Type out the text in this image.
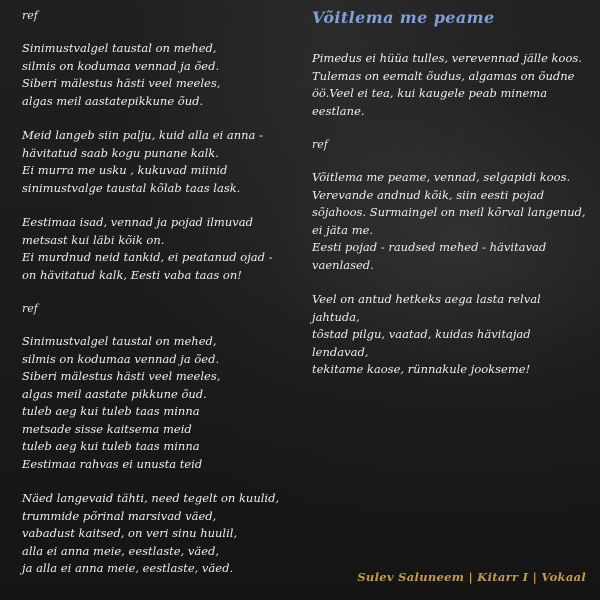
ref
Sinimustvalgel taustal on mehed,
silmis on kodumaa vennad ja õed.
Siberi mälestus hästi veel meeles,
algas meil aastatepikkune õud.
Meid langeb siin palju, kuid alla ei anna -
hävitatud saab kogu punane kalk.
Ei murra me usku , kukuvad miinid
sinimustvalge taustal kõlab taas lask.
Eestimaa isad, vennad ja pojad ilmuvad
metsast kui läbi kõik on.
Ei murdnud neid tankid, ei peatanud ojad -
on hävitatud kalk, Eesti vaba taas on!
ref
Sinimustvalgel taustal on mehed,
silmis on kodumaa vennad ja õed.
Siberi mälestus hästi veel meeles,
algas meil aastate pikkune õud.
tuleb aeg kui tuleb taas minna
metsade sisse kaitsema meid
tuleb aeg kui tuleb taas minna
Eestimaa rahvas ei unusta teid
Näed langevaid tähti, need tegelt on kuulid,
trummide põrinal marsivad väed,
vabadust kaitsed, on veri sinu huulil,
alla ei anna meie, eestlaste, väed,
ja alla ei anna meie, eestlaste, väed.
Võitlema me peame
Pimedus ei hüüa tulles, verevennad jälle koos. Tulemas on eemalt õudus, algamas on õudne öö.Veel ei tea, kui kaugele peab minema eestlane.
ref
Võitlema me peame, vennad, selgapidi koos.
Verevande andnud kõik, siin eesti pojad sõjahoos. Surmaingel on meil kõrval langenud, ei jäta me.
Eesti pojad - raudsed mehed - hävitavad vaenlased.
Veel on antud hetkeks aega lasta relval jahtuda,
tõstad pilgu, vaatad, kuidas hävitajad lendavad,
tekitame kaose, rünnakule jookseme!
Sulev Saluneem | Kitarr I | Vokaal
